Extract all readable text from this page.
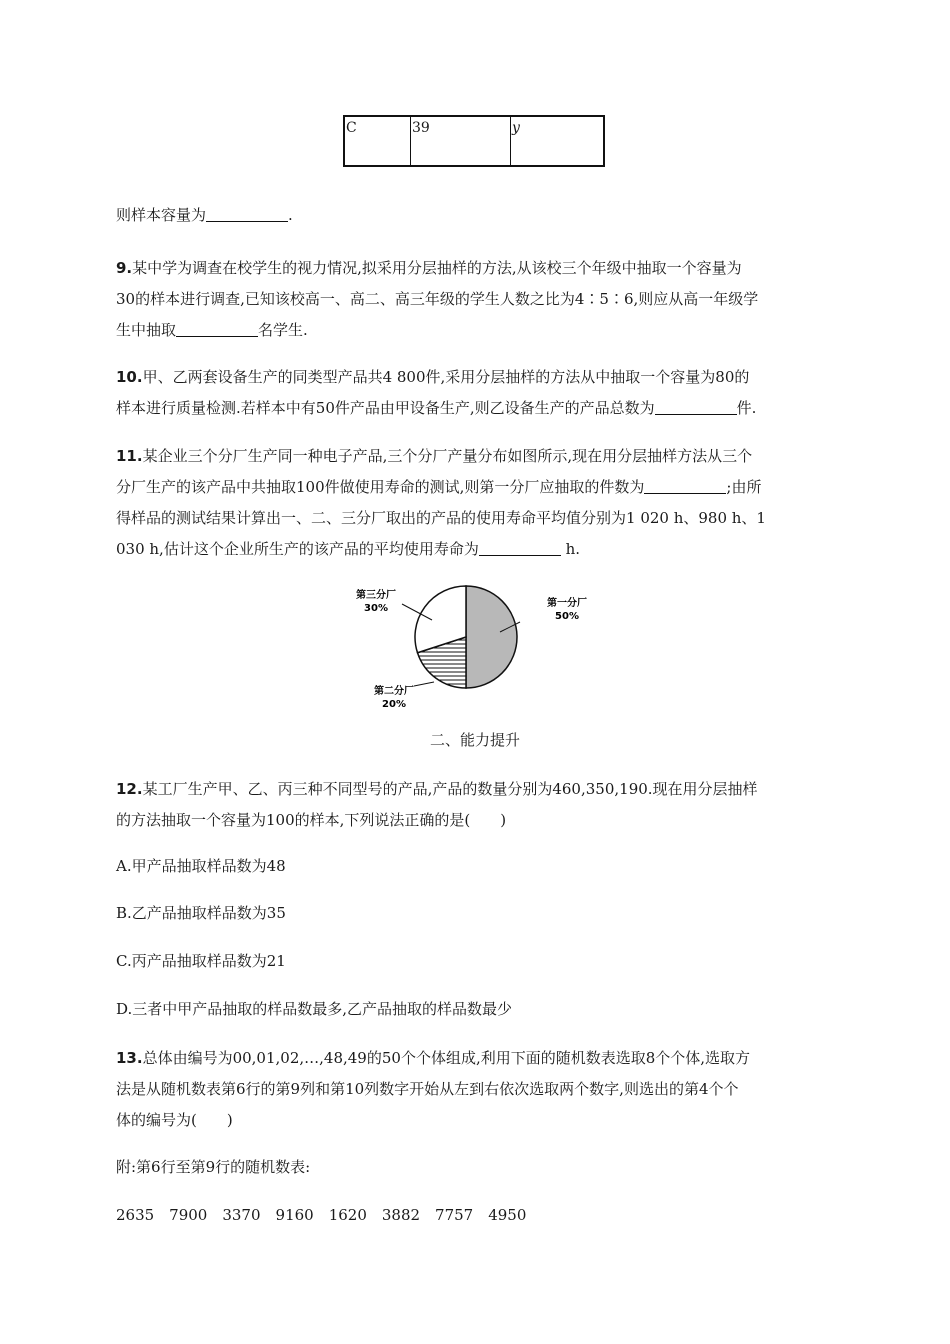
C	39	y

则样本容量为	.

9.某中学为调查在校学生的视力情况,拟采用分层抽样的方法,从该校三个年级中抽取一个容量为
30的样本进行调查,已知该校高一、高二、高三年级的学生人数之比为4∶5∶6,则应从高一年级学
生中抽取	名学生.

10.甲、乙两套设备生产的同类型产品共4 800件,采用分层抽样的方法从中抽取一个容量为80的
样本进行质量检测.若样本中有50件产品由甲设备生产,则乙设备生产的产品总数为	件.

11.某企业三个分厂生产同一种电子产品,三个分厂产量分布如图所示,现在用分层抽样方法从三个
分厂生产的该产品中共抽取100件做使用寿命的测试,则第一分厂应抽取的件数为	;由所
得样品的测试结果计算出一、二、三分厂取出的产品的使用寿命平均值分别为1 020 h、980 h、1
030 h,估计这个企业所生产的该产品的平均使用寿命为	h.

第一分厂
50%
第二分厂
20%
第三分厂
30%
二、能力提升

12.某工厂生产甲、乙、丙三种不同型号的产品,产品的数量分别为460,350,190.现在用分层抽样
的方法抽取一个容量为100的样本,下列说法正确的是(　　)

A.甲产品抽取样品数为48

B.乙产品抽取样品数为35

C.丙产品抽取样品数为21

D.三者中甲产品抽取的样品数最多,乙产品抽取的样品数最少

13.总体由编号为00,01,02,…,48,49的50个个体组成,利用下面的随机数表选取8个个体,选取方
法是从随机数表第6行的第9列和第10列数字开始从左到右依次选取两个数字,则选出的第4个个
体的编号为(　　)

附:第6行至第9行的随机数表:

2635　7900　3370　9160　1620　3882　7757　4950
